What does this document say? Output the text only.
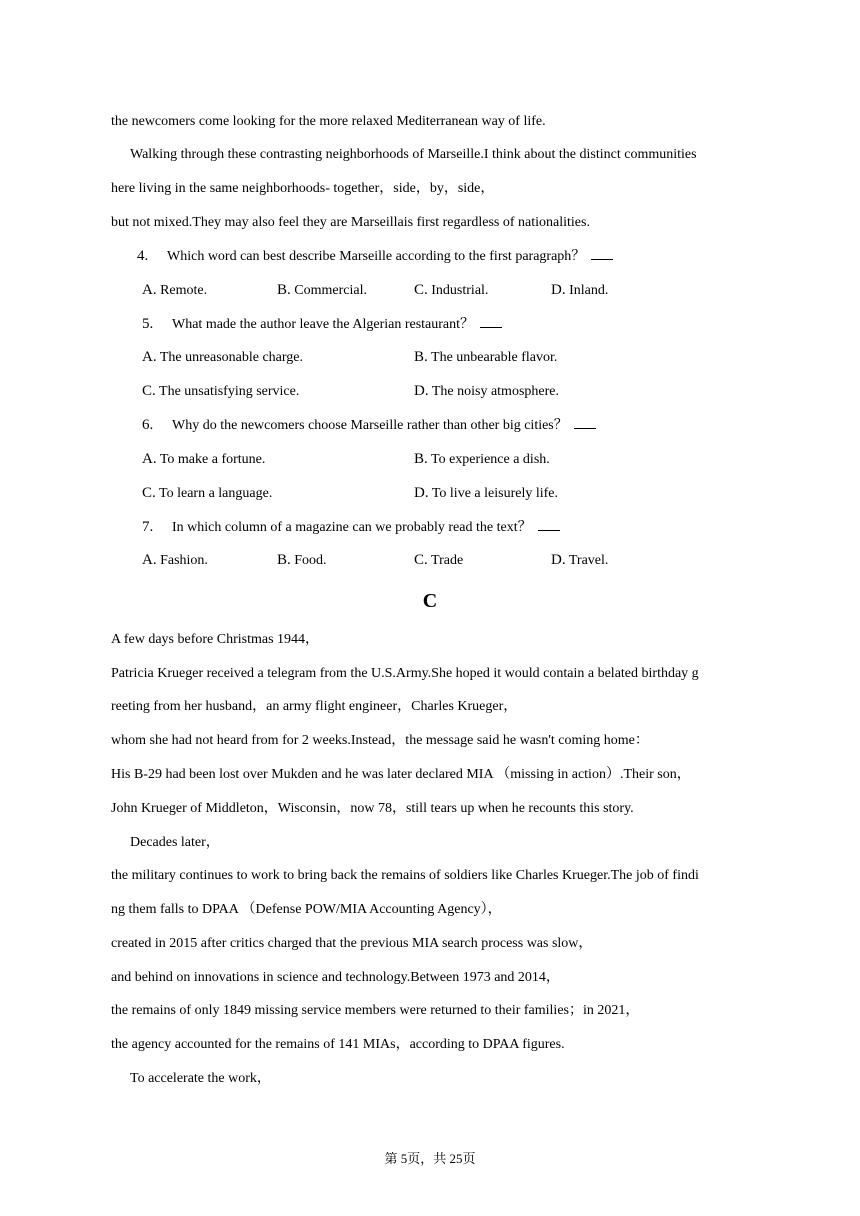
the newcomers come looking for the more relaxed Mediterranean way of life.
Walking through these contrasting neighborhoods of Marseille.I think about the distinct communities
here living in the same neighborhoods- together，side，by，side，
but not mixed.They may also feel they are Marseillais first regardless of nationalities.
4. Which word can best describe Marseille according to the first paragraph？
A. Remote.	B. Commercial.	C. Industrial.	D. Inland.
5. What made the author leave the Algerian restaurant？
A. The unreasonable charge.	B. The unbearable flavor.
C. The unsatisfying service.	D. The noisy atmosphere.
6. Why do the newcomers choose Marseille rather than other big cities？
A. To make a fortune.	B. To experience a dish.
C. To learn a language.	D. To live a leisurely life.
7. In which column of a magazine can we probably read the text？
A. Fashion.	B. Food.	C. Trade	D. Travel.
C
A few days before Christmas 1944，
Patricia Krueger received a telegram from the U.S.Army.She hoped it would contain a belated birthday g
reeting from her husband，an army flight engineer，Charles Krueger，
whom she had not heard from for 2 weeks.Instead，the message said he wasn't coming home：
His B-29 had been lost over Mukden and he was later declared MIA （missing in action）.Their son，
John Krueger of Middleton，Wisconsin，now 78，still tears up when he recounts this story.
Decades later，
the military continues to work to bring back the remains of soldiers like Charles Krueger.The job of findi
ng them falls to DPAA （Defense POW/MIA Accounting Agency），
created in 2015 after critics charged that the previous MIA search process was slow，
and behind on innovations in science and technology.Between 1973 and 2014，
the remains of only 1849 missing service members were returned to their families；in 2021，
the agency accounted for the remains of 141 MIAs，according to DPAA figures.
To accelerate the work，
第 5页，共 25页
